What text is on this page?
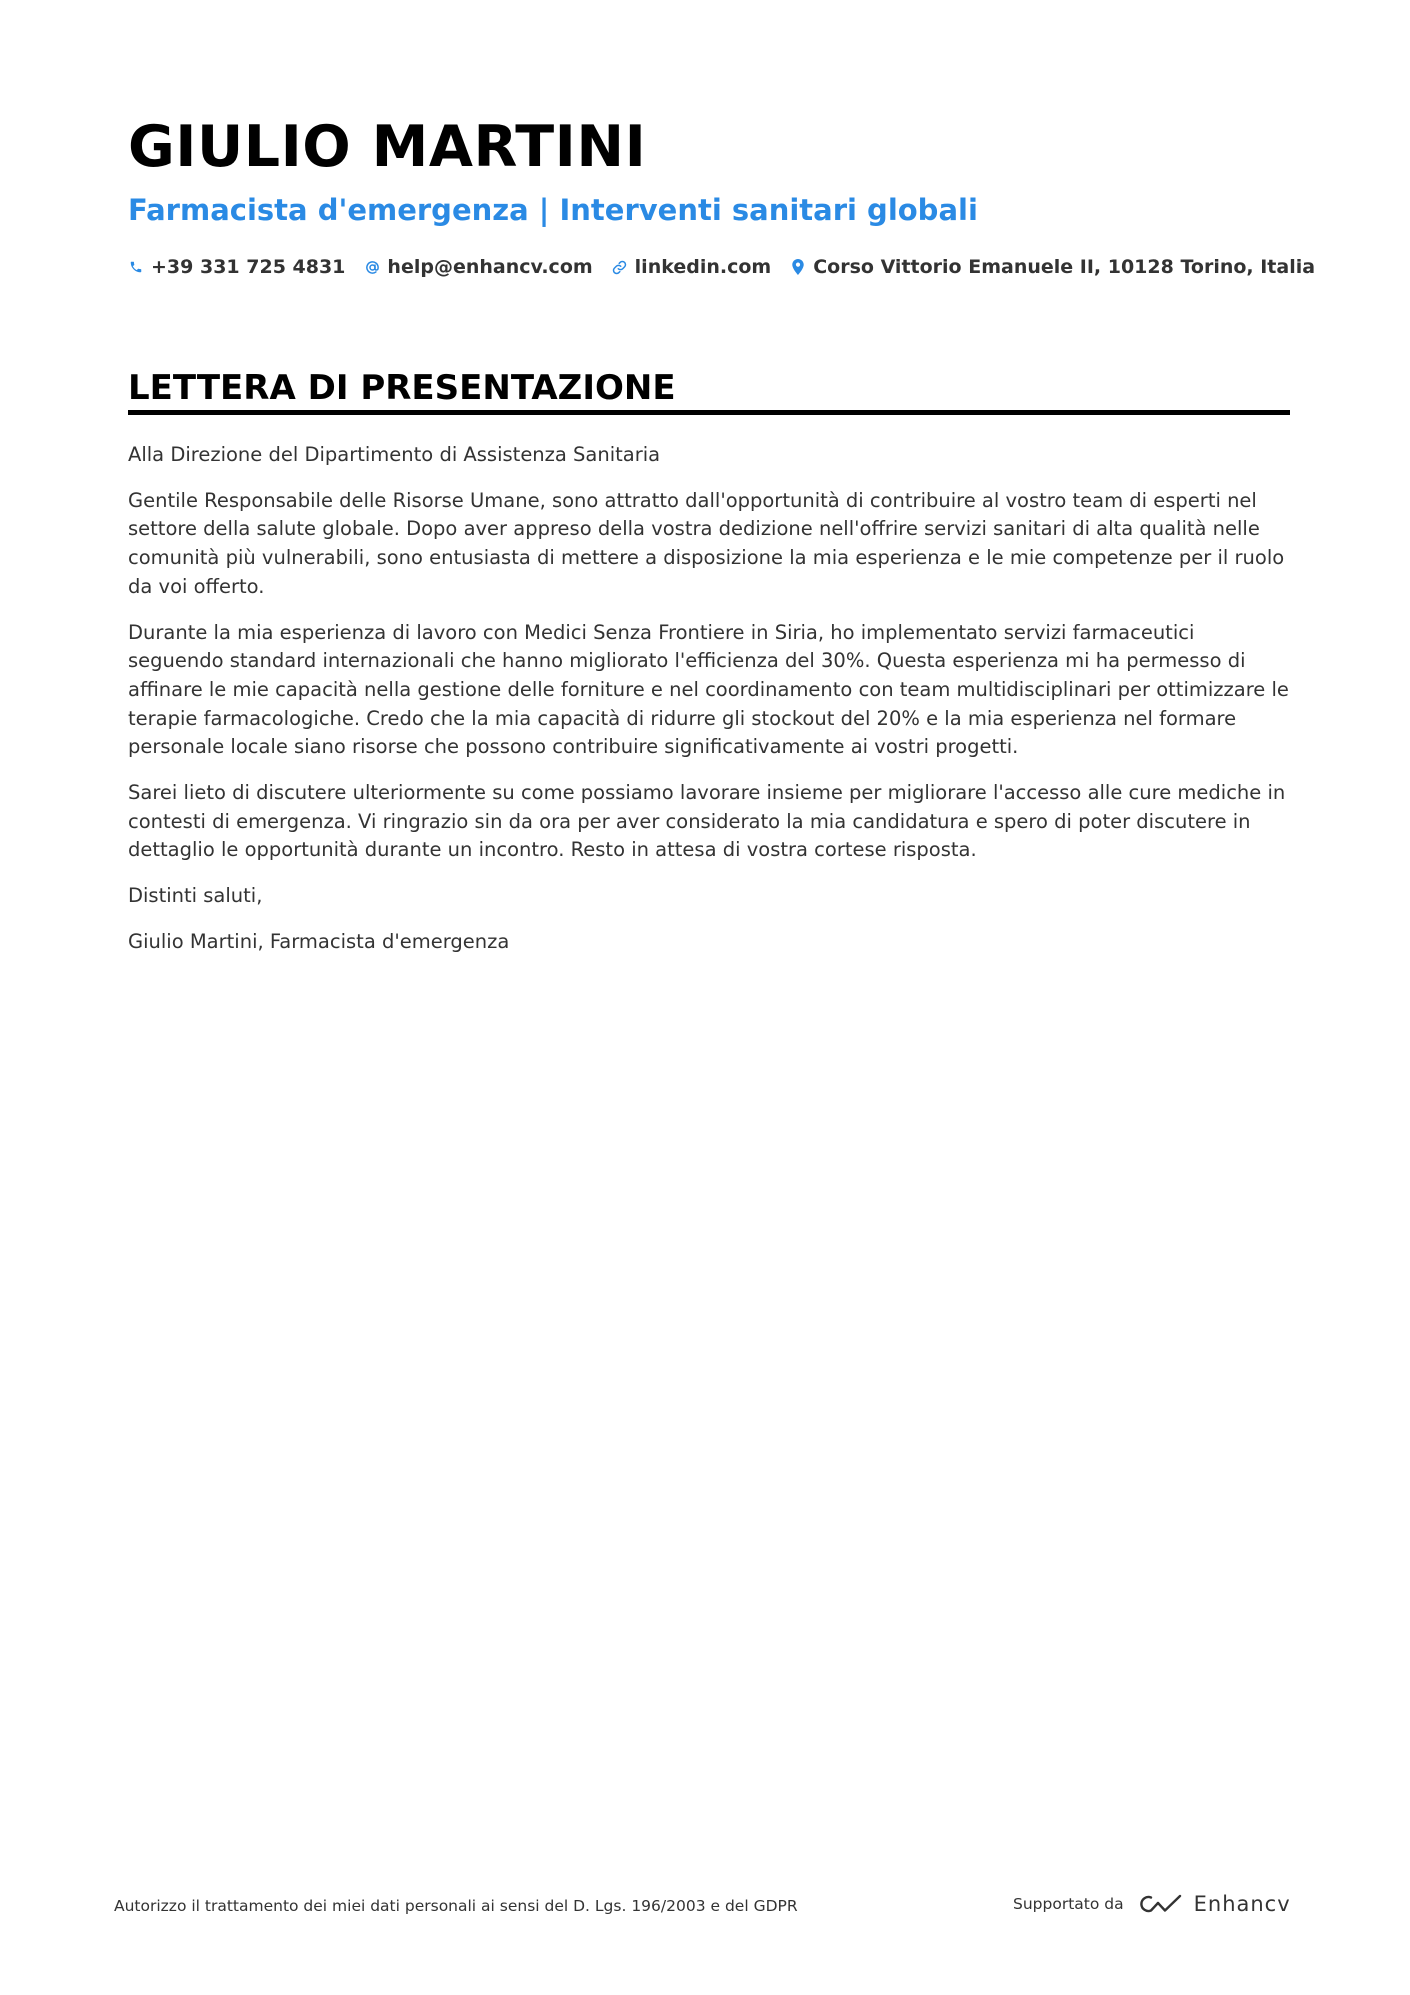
GIULIO MARTINI
Farmacista d'emergenza | Interventi sanitari globali
+39 331 725 4831 help@enhancv.com linkedin.com Corso Vittorio Emanuele II, 10128 Torino, Italia
LETTERA DI PRESENTAZIONE

Alla Direzione del Dipartimento di Assistenza Sanitaria

Gentile Responsabile delle Risorse Umane, sono attratto dall'opportunità di contribuire al vostro team di esperti nel settore della salute globale. Dopo aver appreso della vostra dedizione nell'offrire servizi sanitari di alta qualità nelle comunità più vulnerabili, sono entusiasta di mettere a disposizione la mia esperienza e le mie competenze per il ruolo da voi offerto.

Durante la mia esperienza di lavoro con Medici Senza Frontiere in Siria, ho implementato servizi farmaceutici seguendo standard internazionali che hanno migliorato l'efficienza del 30%. Questa esperienza mi ha permesso di affinare le mie capacità nella gestione delle forniture e nel coordinamento con team multidisciplinari per ottimizzare le terapie farmacologiche. Credo che la mia capacità di ridurre gli stockout del 20% e la mia esperienza nel formare personale locale siano risorse che possono contribuire significativamente ai vostri progetti.

Sarei lieto di discutere ulteriormente su come possiamo lavorare insieme per migliorare l'accesso alle cure mediche in contesti di emergenza. Vi ringrazio sin da ora per aver considerato la mia candidatura e spero di poter discutere in dettaglio le opportunità durante un incontro. Resto in attesa di vostra cortese risposta.

Distinti saluti,

Giulio Martini, Farmacista d'emergenza

Autorizzo il trattamento dei miei dati personali ai sensi del D. Lgs. 196/2003 e del GDPR	Supportato da	Enhancv
